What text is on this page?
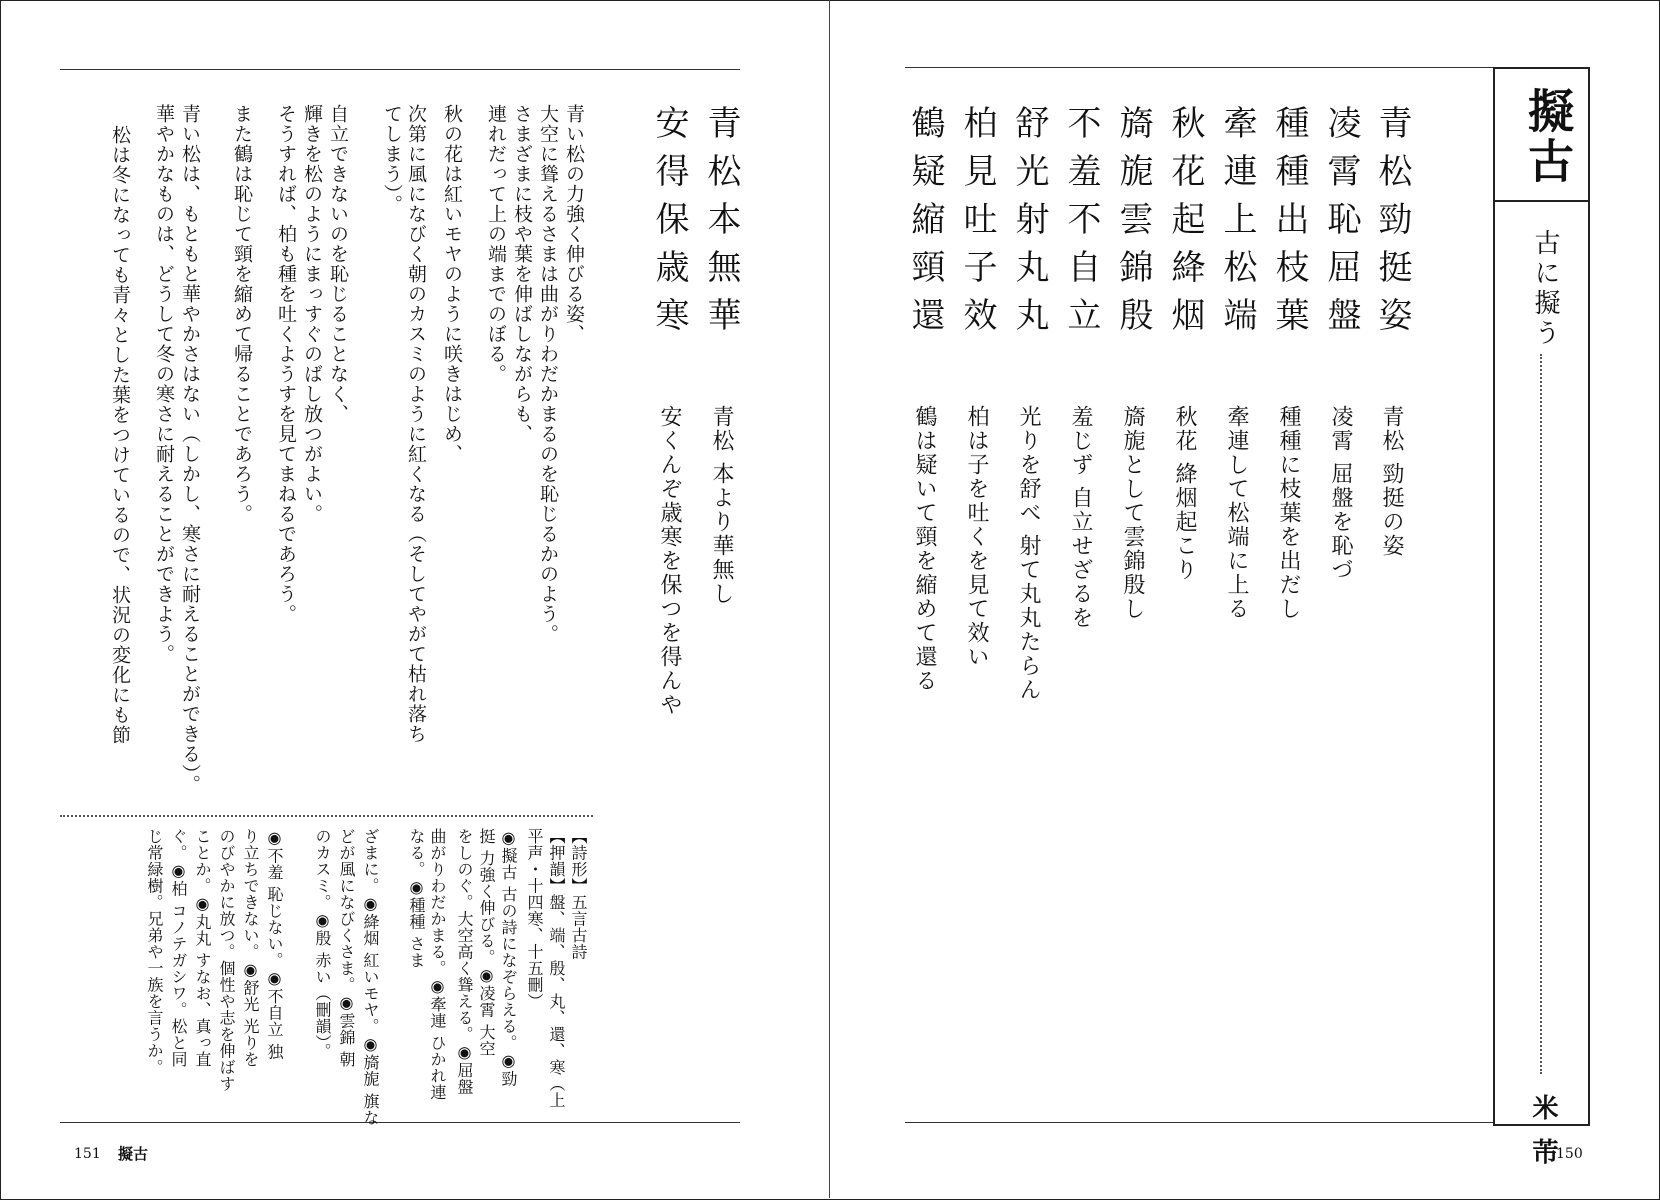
擬古
古に擬う
米芾
青松勁挺姿
凌霄恥屈盤
種種出枝葉
牽連上松端
秋花起絳烟
旖旎雲錦殷
不羞不自立
舒光射丸丸
柏見吐子效
鶴疑縮頸還
青松 勁挺の姿
凌霄 屈盤を恥づ
種種に枝葉を出だし
牽連して松端に上る
秋花 絳烟起こり
旖旎として雲錦殷し
羞じず 自立せざるを
光りを舒べ 射て丸丸たらん
柏は子を吐くを見て效い
鶴は疑いて頸を縮めて還る
150
青松本無華
安得保歳寒
青松 本より華無し
安くんぞ歳寒を保つを得んや
青い松の力強く伸びる姿、
大空に聳えるさまは曲がりわだかまるのを恥じるかのよう。
さまざまに枝や葉を伸ばしながらも、
連れだって上の端までのぼる。
秋の花は紅いモヤのように咲きはじめ、
次第に風になびく朝のカスミのように紅くなる（そしてやがて枯れ落ちてしまう）。
自立できないのを恥じることなく、
輝きを松のようにまっすぐのばし放つがよい。
そうすれば、柏も種を吐くようすを見てまねるであろう。
また鶴は恥じて頸を縮めて帰ることであろう。
青い松は、もともと華やかさはない（しかし、寒さに耐えることができる）。
華やかなものは、どうして冬の寒さに耐えることができよう。
松は冬になっても青々とした葉をつけているので、状況の変化にも節
【詩形】五言古詩
【押韻】盤、端、殷、丸、還、寒（上
平声・十四寒、十五刪）
◉擬古 古の詩になぞらえる。◉勁
挺 力強く伸びる。◉凌霄 大空
をしのぐ。大空高く聳える。◉屈盤
曲がりわだかまる。◉牽連 ひかれ連なる。◉種種 さま
ざまに。◉絳烟 紅いモヤ。◉旖旎 旗な
どが風になびくさま。◉雲錦 朝
のカスミ。◉殷 赤い（刪韻）。
◉不羞 恥じない。◉不自立 独
り立ちできない。◉舒光 光りを
のびやかに放つ。個性や志を伸ばす
ことか。◉丸丸 すなお、真っ直
ぐ。◉柏 コノテガシワ。松と同
じ常緑樹。兄弟や一族を言うか。
151 擬古
